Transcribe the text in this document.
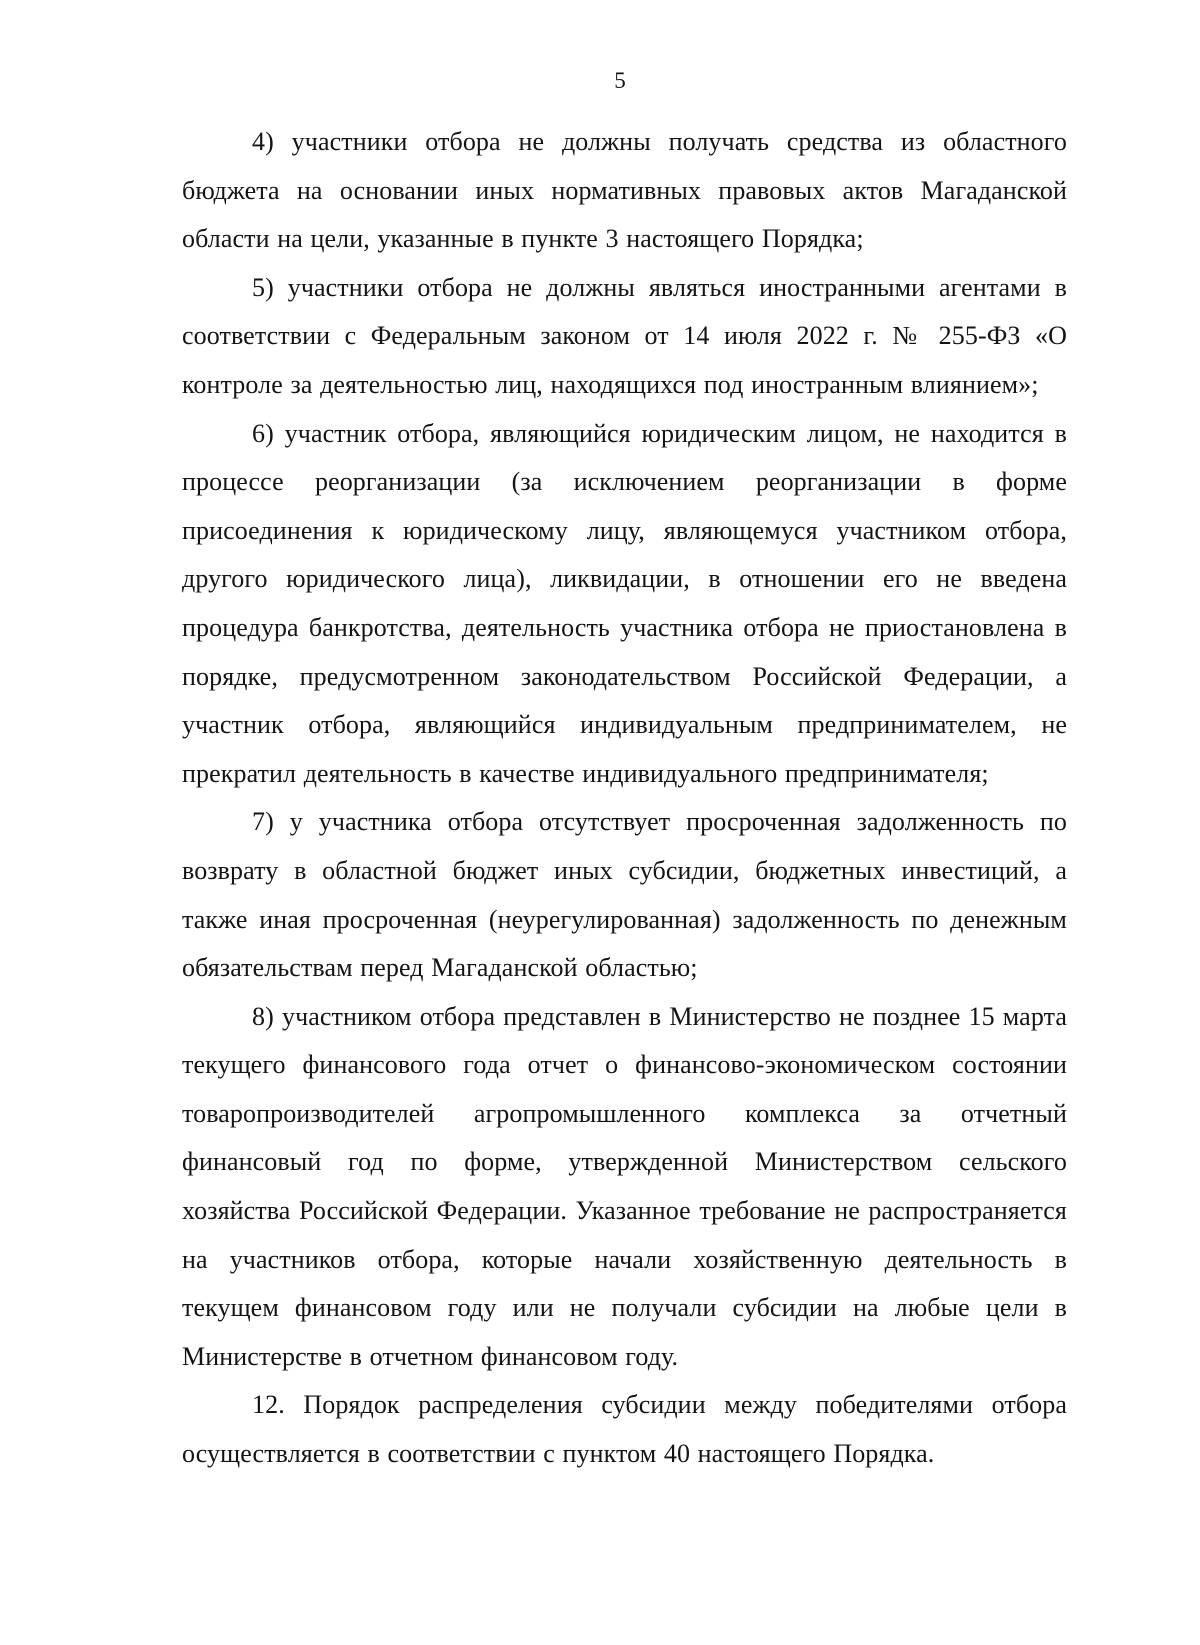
5

4) участники отбора не должны получать средства из областного бюджета на основании иных нормативных правовых актов Магаданской области на цели, указанные в пункте 3 настоящего Порядка;

5) участники отбора не должны являться иностранными агентами в соответствии с Федеральным законом от 14 июля 2022 г. № 255-ФЗ «О контроле за деятельностью лиц, находящихся под иностранным влиянием»;

6) участник отбора, являющийся юридическим лицом, не находится в процессе реорганизации (за исключением реорганизации в форме присоединения к юридическому лицу, являющемуся участником отбора, другого юридического лица), ликвидации, в отношении его не введена процедура банкротства, деятельность участника отбора не приостановлена в порядке, предусмотренном законодательством Российской Федерации, а участник отбора, являющийся индивидуальным предпринимателем, не прекратил деятельность в качестве индивидуального предпринимателя;

7) у участника отбора отсутствует просроченная задолженность по возврату в областной бюджет иных субсидии, бюджетных инвестиций, а также иная просроченная (неурегулированная) задолженность по денежным обязательствам перед Магаданской областью;

8) участником отбора представлен в Министерство не позднее 15 марта текущего финансового года отчет о финансово-экономическом состоянии товаропроизводителей агропромышленного комплекса за отчетный финансовый год по форме, утвержденной Министерством сельского хозяйства Российской Федерации. Указанное требование не распространяется на участников отбора, которые начали хозяйственную деятельность в текущем финансовом году или не получали субсидии на любые цели в Министерстве в отчетном финансовом году.

12. Порядок распределения субсидии между победителями отбора осуществляется в соответствии с пунктом 40 настоящего Порядка.
